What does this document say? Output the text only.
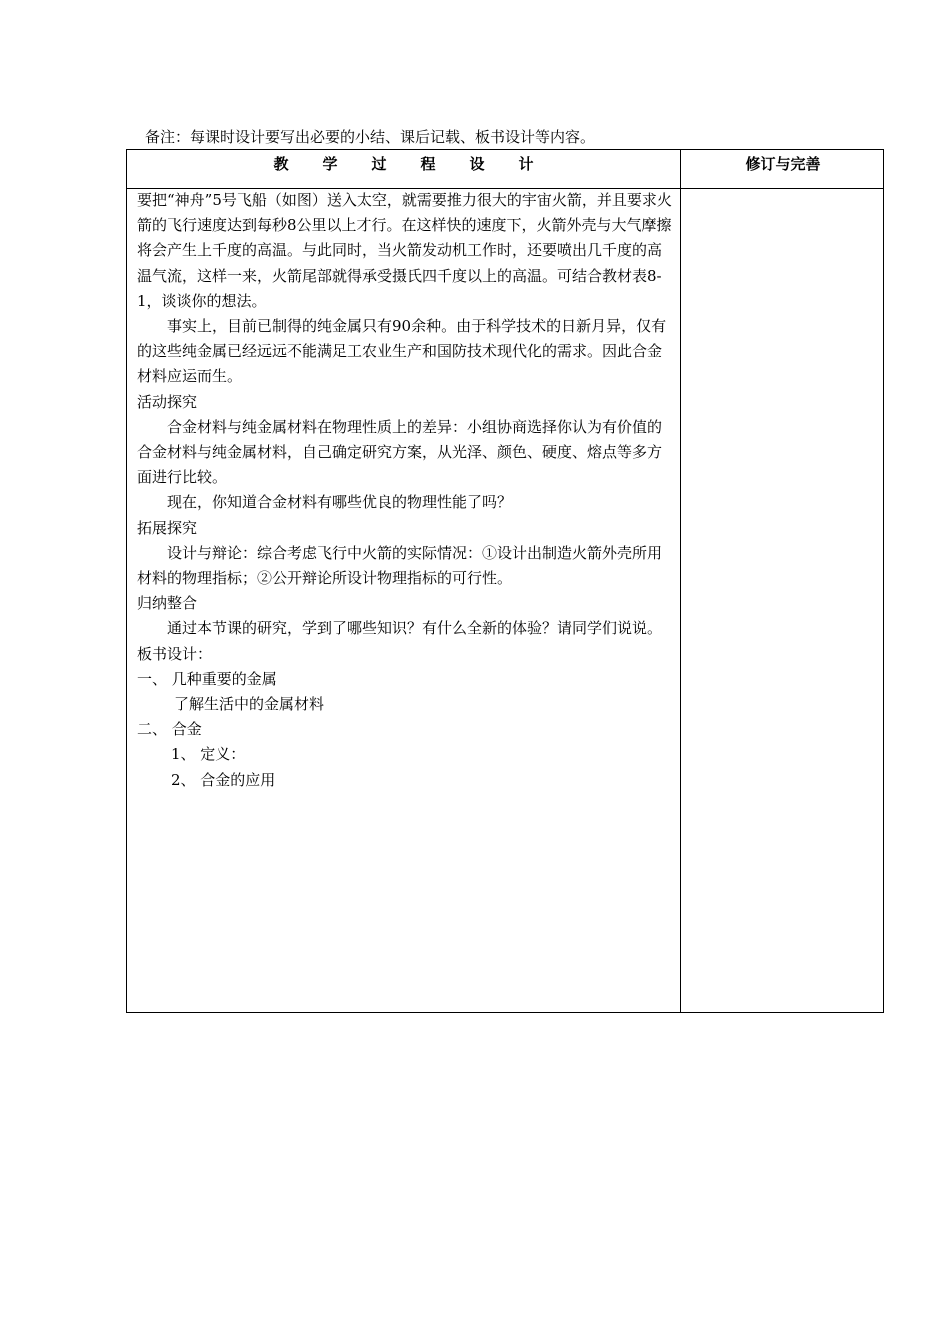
备注：每课时设计要写出必要的小结、课后记载、板书设计等内容。
教学过程设计	修订与完善

要把“神舟”5号飞船（如图）送入太空，就需要推力很大的宇宙火箭，并且要求火箭的飞行速度达到每秒8公里以上才行。在这样快的速度下，火箭外壳与大气摩擦将会产生上千度的高温。与此同时，当火箭发动机工作时，还要喷出几千度的高温气流，这样一来，火箭尾部就得承受摄氏四千度以上的高温。可结合教材表8-1，谈谈你的想法。

事实上，目前已制得的纯金属只有90余种。由于科学技术的日新月异，仅有的这些纯金属已经远远不能满足工农业生产和国防技术现代化的需求。因此合金材料应运而生。

活动探究

合金材料与纯金属材料在物理性质上的差异：小组协商选择你认为有价值的合金材料与纯金属材料，自己确定研究方案，从光泽、颜色、硬度、熔点等多方面进行比较。

现在，你知道合金材料有哪些优良的物理性能了吗？

拓展探究

设计与辩论：综合考虑飞行中火箭的实际情况：①设计出制造火箭外壳所用材料的物理指标；②公开辩论所设计物理指标的可行性。

归纳整合

通过本节课的研究，学到了哪些知识？有什么全新的体验？请同学们说说。

板书设计：

一、 几种重要的金属

了解生活中的金属材料

二、 合金

1、 定义：

2、 合金的应用
